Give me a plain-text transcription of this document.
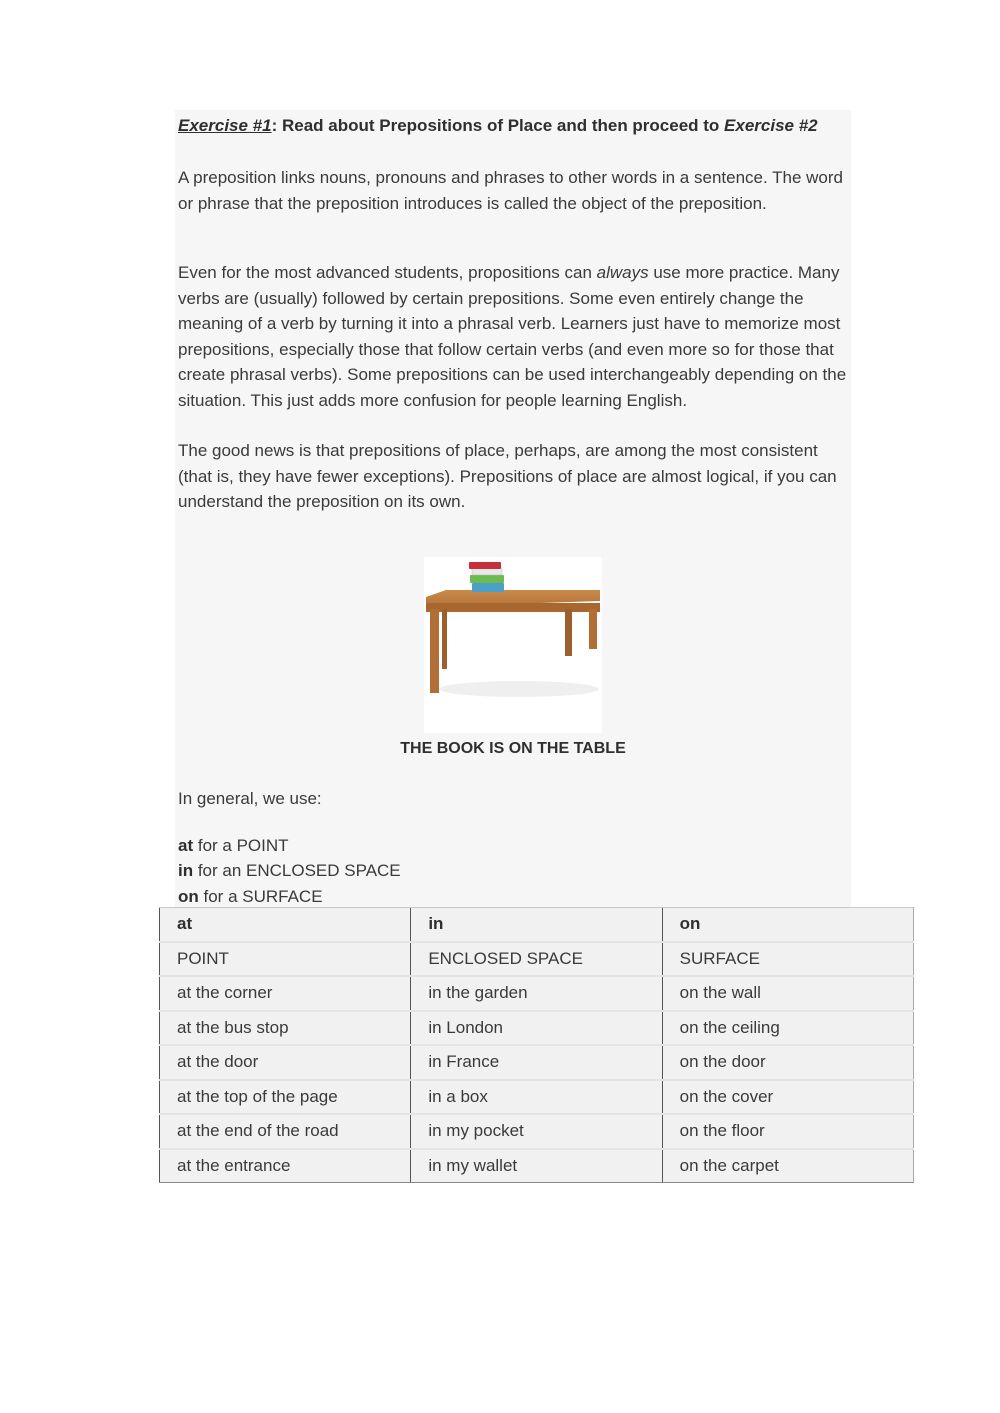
Exercise #1: Read about Prepositions of Place and then proceed to Exercise #2
A preposition links nouns, pronouns and phrases to other words in a sentence. The word or phrase that the preposition introduces is called the object of the preposition.
Even for the most advanced students, propositions can always use more practice. Many verbs are (usually) followed by certain prepositions. Some even entirely change the meaning of a verb by turning it into a phrasal verb. Learners just have to memorize most prepositions, especially those that follow certain verbs (and even more so for those that create phrasal verbs). Some prepositions can be used interchangeably depending on the situation. This just adds more confusion for people learning English.
The good news is that prepositions of place, perhaps, are among the most consistent (that is, they have fewer exceptions). Prepositions of place are almost logical, if you can understand the preposition on its own.
THE BOOK IS ON THE TABLE
In general, we use:
at for a POINT
in for an ENCLOSED SPACE
on for a SURFACE
at	in	on
POINT	ENCLOSED SPACE	SURFACE
at the corner	in the garden	on the wall
at the bus stop	in London	on the ceiling
at the door	in France	on the door
at the top of the page	in a box	on the cover
at the end of the road	in my pocket	on the floor
at the entrance	in my wallet	on the carpet
